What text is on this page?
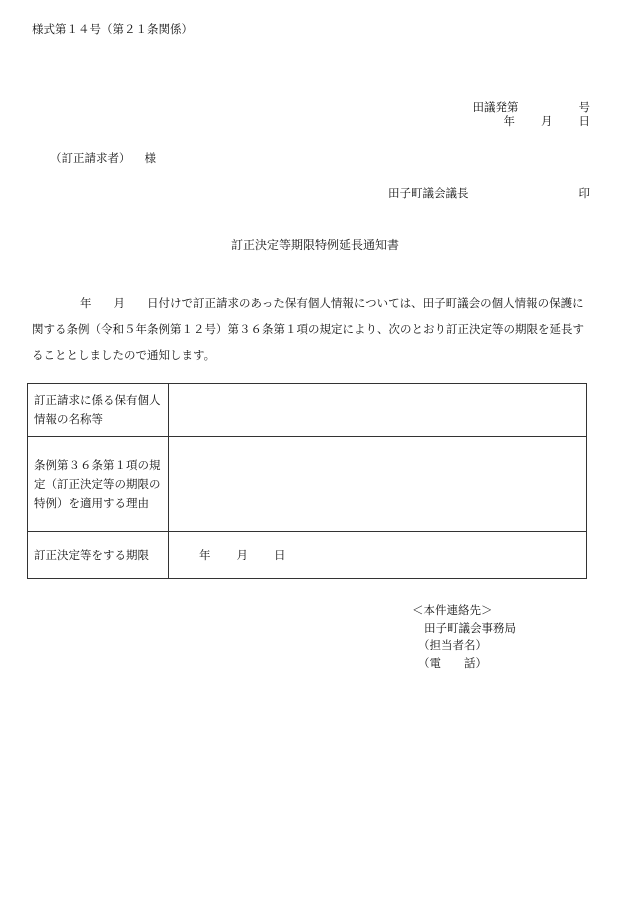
様式第１４号（第２１条関係）
田議発第	号
年 月 日
（訂正請求者） 様
田子町議会議長	印
訂正決定等期限特例延長通知書
年 月 日付けで訂正請求のあった保有個人情報については、田子町議会の個人情報の保護に関する条例（令和５年条例第１２号）第３６条第１項の規定により、次のとおり訂正決定等の期限を延長することとしましたので通知します。
訂正請求に係る保有個人情報の名称等	
条例第３６条第１項の規定（訂正決定等の期限の特例）を適用する理由	
訂正決定等をする期限	年 月 日
＜本件連絡先＞
田子町議会事務局
（担当者名）
（電　　話）
